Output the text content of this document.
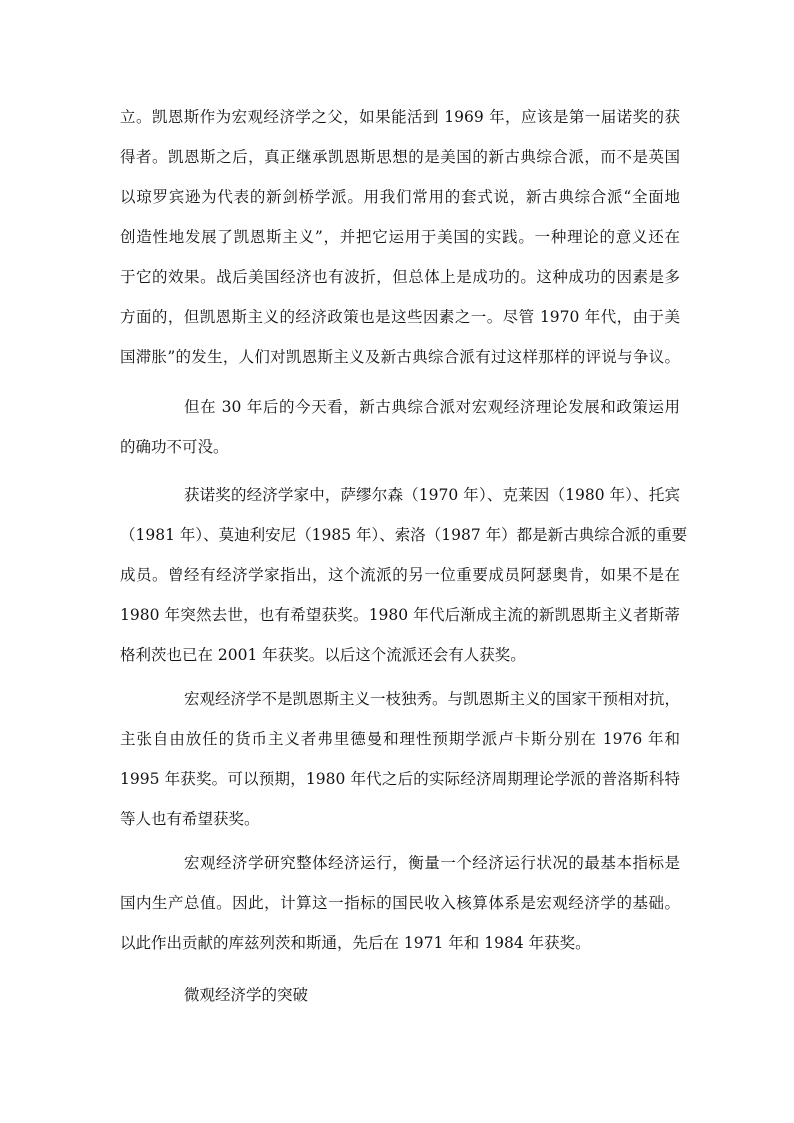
立。凯恩斯作为宏观经济学之父，如果能活到 1969 年，应该是第一届诺奖的获
得者。凯恩斯之后，真正继承凯恩斯思想的是美国的新古典综合派，而不是英国
以琼罗宾逊为代表的新剑桥学派。用我们常用的套式说，新古典综合派“全面地
创造性地发展了凯恩斯主义”，并把它运用于美国的实践。一种理论的意义还在
于它的效果。战后美国经济也有波折，但总体上是成功的。这种成功的因素是多
方面的，但凯恩斯主义的经济政策也是这些因素之一。尽管 1970 年代，由于美
国滞胀”的发生，人们对凯恩斯主义及新古典综合派有过这样那样的评说与争议。
但在 30 年后的今天看，新古典综合派对宏观经济理论发展和政策运用
的确功不可没。
获诺奖的经济学家中，萨缪尔森（1970 年）、克莱因（1980 年）、托宾
（1981 年）、莫迪利安尼（1985 年）、索洛（1987 年）都是新古典综合派的重要
成员。曾经有经济学家指出，这个流派的另一位重要成员阿瑟奥肯，如果不是在
1980 年突然去世，也有希望获奖。1980 年代后渐成主流的新凯恩斯主义者斯蒂
格利茨也已在 2001 年获奖。以后这个流派还会有人获奖。
宏观经济学不是凯恩斯主义一枝独秀。与凯恩斯主义的国家干预相对抗，
主张自由放任的货币主义者弗里德曼和理性预期学派卢卡斯分别在 1976 年和
1995 年获奖。可以预期，1980 年代之后的实际经济周期理论学派的普洛斯科特
等人也有希望获奖。
宏观经济学研究整体经济运行，衡量一个经济运行状况的最基本指标是
国内生产总值。因此，计算这一指标的国民收入核算体系是宏观经济学的基础。
以此作出贡献的库兹列茨和斯通，先后在 1971 年和 1984 年获奖。
微观经济学的突破
